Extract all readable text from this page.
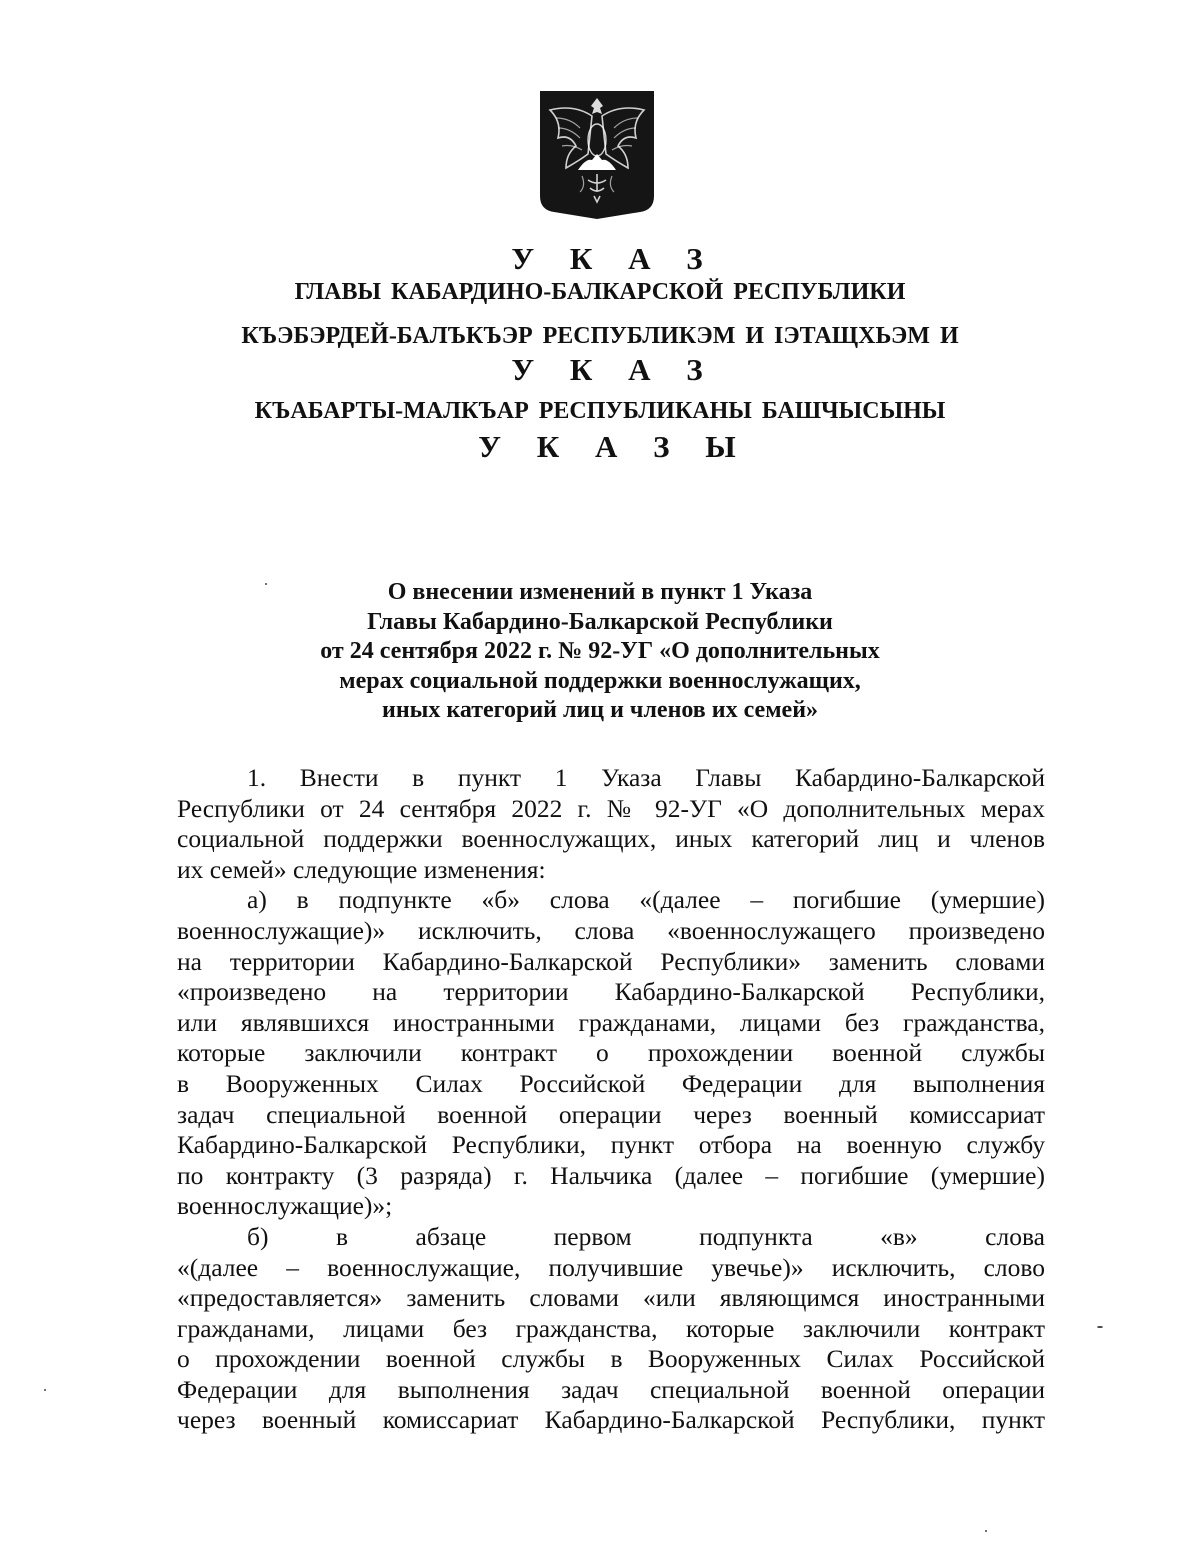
У К А З
ГЛАВЫ КАБАРДИНО-БАЛКАРСКОЙ РЕСПУБЛИКИ
КЪЭБЭРДЕЙ-БАЛЪКЪЭР РЕСПУБЛИКЭМ И IЭТАЩХЬЭМ И
У К А З
КЪАБАРТЫ-МАЛКЪАР РЕСПУБЛИКАНЫ БАШЧЫСЫНЫ
У К А З Ы
О внесении изменений в пункт 1 Указа
Главы Кабардино-Балкарской Республики
от 24 сентября 2022 г. № 92-УГ «О дополнительных
мерах социальной поддержки военнослужащих,
иных категорий лиц и членов их семей»
1. Внести в пункт 1 Указа Главы Кабардино-Балкарской
Республики от 24 сентября 2022 г. № 92-УГ «О дополнительных мерах
социальной поддержки военнослужащих, иных категорий лиц и членов
их семей» следующие изменения:
а) в подпункте «б» слова «(далее – погибшие (умершие)
военнослужащие)» исключить, слова «военнослужащего произведено
на территории Кабардино-Балкарской Республики» заменить словами
«произведено на территории Кабардино-Балкарской Республики,
или являвшихся иностранными гражданами, лицами без гражданства,
которые заключили контракт о прохождении военной службы
в Вооруженных Силах Российской Федерации для выполнения
задач специальной военной операции через военный комиссариат
Кабардино-Балкарской Республики, пункт отбора на военную службу
по контракту (3 разряда) г. Нальчика (далее – погибшие (умершие)
военнослужащие)»;
б) в абзаце первом подпункта «в» слова
«(далее – военнослужащие, получившие увечье)» исключить, слово
«предоставляется» заменить словами «или являющимся иностранными
гражданами, лицами без гражданства, которые заключили контракт
о прохождении военной службы в Вооруженных Силах Российской
Федерации для выполнения задач специальной военной операции
через военный комиссариат Кабардино-Балкарской Республики, пункт
